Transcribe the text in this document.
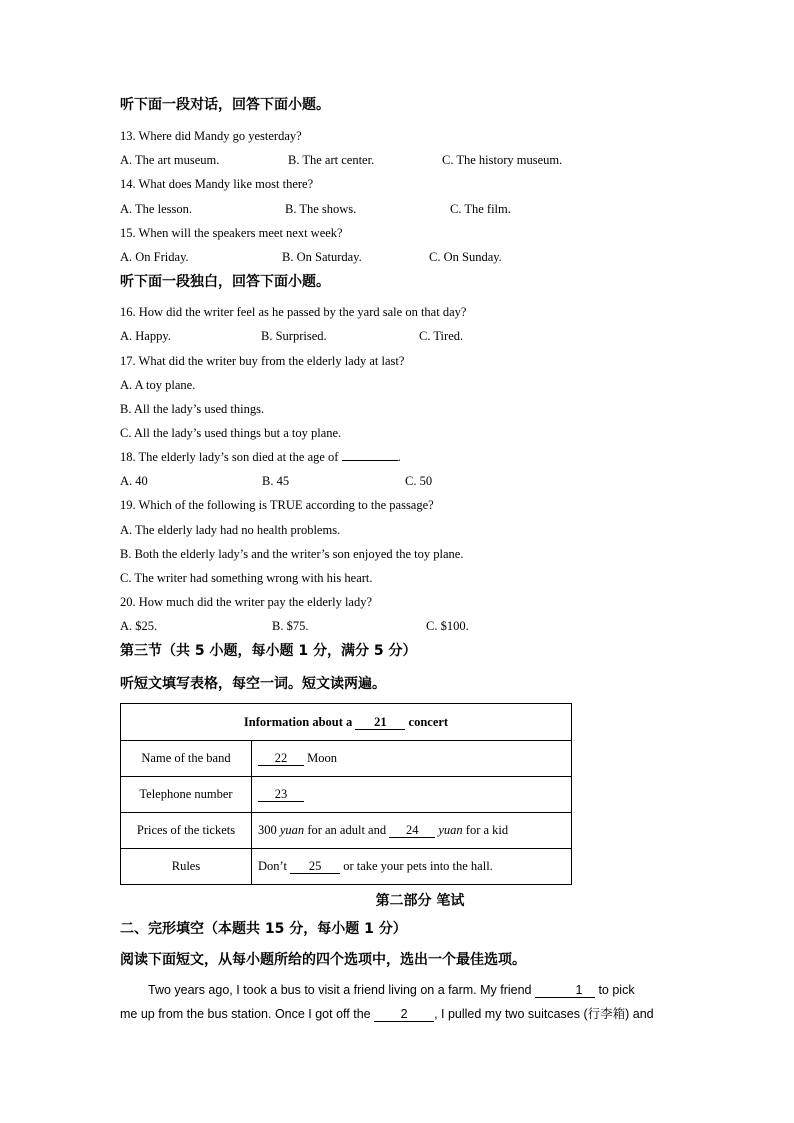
听下面一段对话，回答下面小题。
13. Where did Mandy go yesterday?
A. The art museum.	B. The art center.	C. The history museum.
14. What does Mandy like most there?
A. The lesson.	B. The shows.	C. The film.
15. When will the speakers meet next week?
A. On Friday.	B. On Saturday.	C. On Sunday.
听下面一段独白，回答下面小题。
16. How did the writer feel as he passed by the yard sale on that day?
A. Happy.	B. Surprised.	C. Tired.
17. What did the writer buy from the elderly lady at last?
A. A toy plane.
B. All the lady’s used things.
C. All the lady’s used things but a toy plane.
18. The elderly lady’s son died at the age of	.
A. 40	B. 45	C. 50
19. Which of the following is TRUE according to the passage?
A. The elderly lady had no health problems.
B. Both the elderly lady’s and the writer’s son enjoyed the toy plane.
C. The writer had something wrong with his heart.
20. How much did the writer pay the elderly lady?
A. $25.	B. $75.	C. $100.
第三节（共 5 小题，每小题 1 分，满分 5 分）
听短文填写表格，每空一词。短文读两遍。
Information about a 21 concert	
Name of the band	22 Moon
Telephone number	23
Prices of the tickets	300 yuan for an adult and 24 yuan for a kid
Rules	Don’t 25 or take your pets into the hall.
第二部分 笔试
二、完形填空（本题共 15 分，每小题 1 分）
阅读下面短文，从每小题所给的四个选项中，选出一个最佳选项。
Two years ago, I took a bus to visit a friend living on a farm. My friend	1 to pick
me up from the bus station. Once I got off the 2 , I pulled my two suitcases (行李箱) and
